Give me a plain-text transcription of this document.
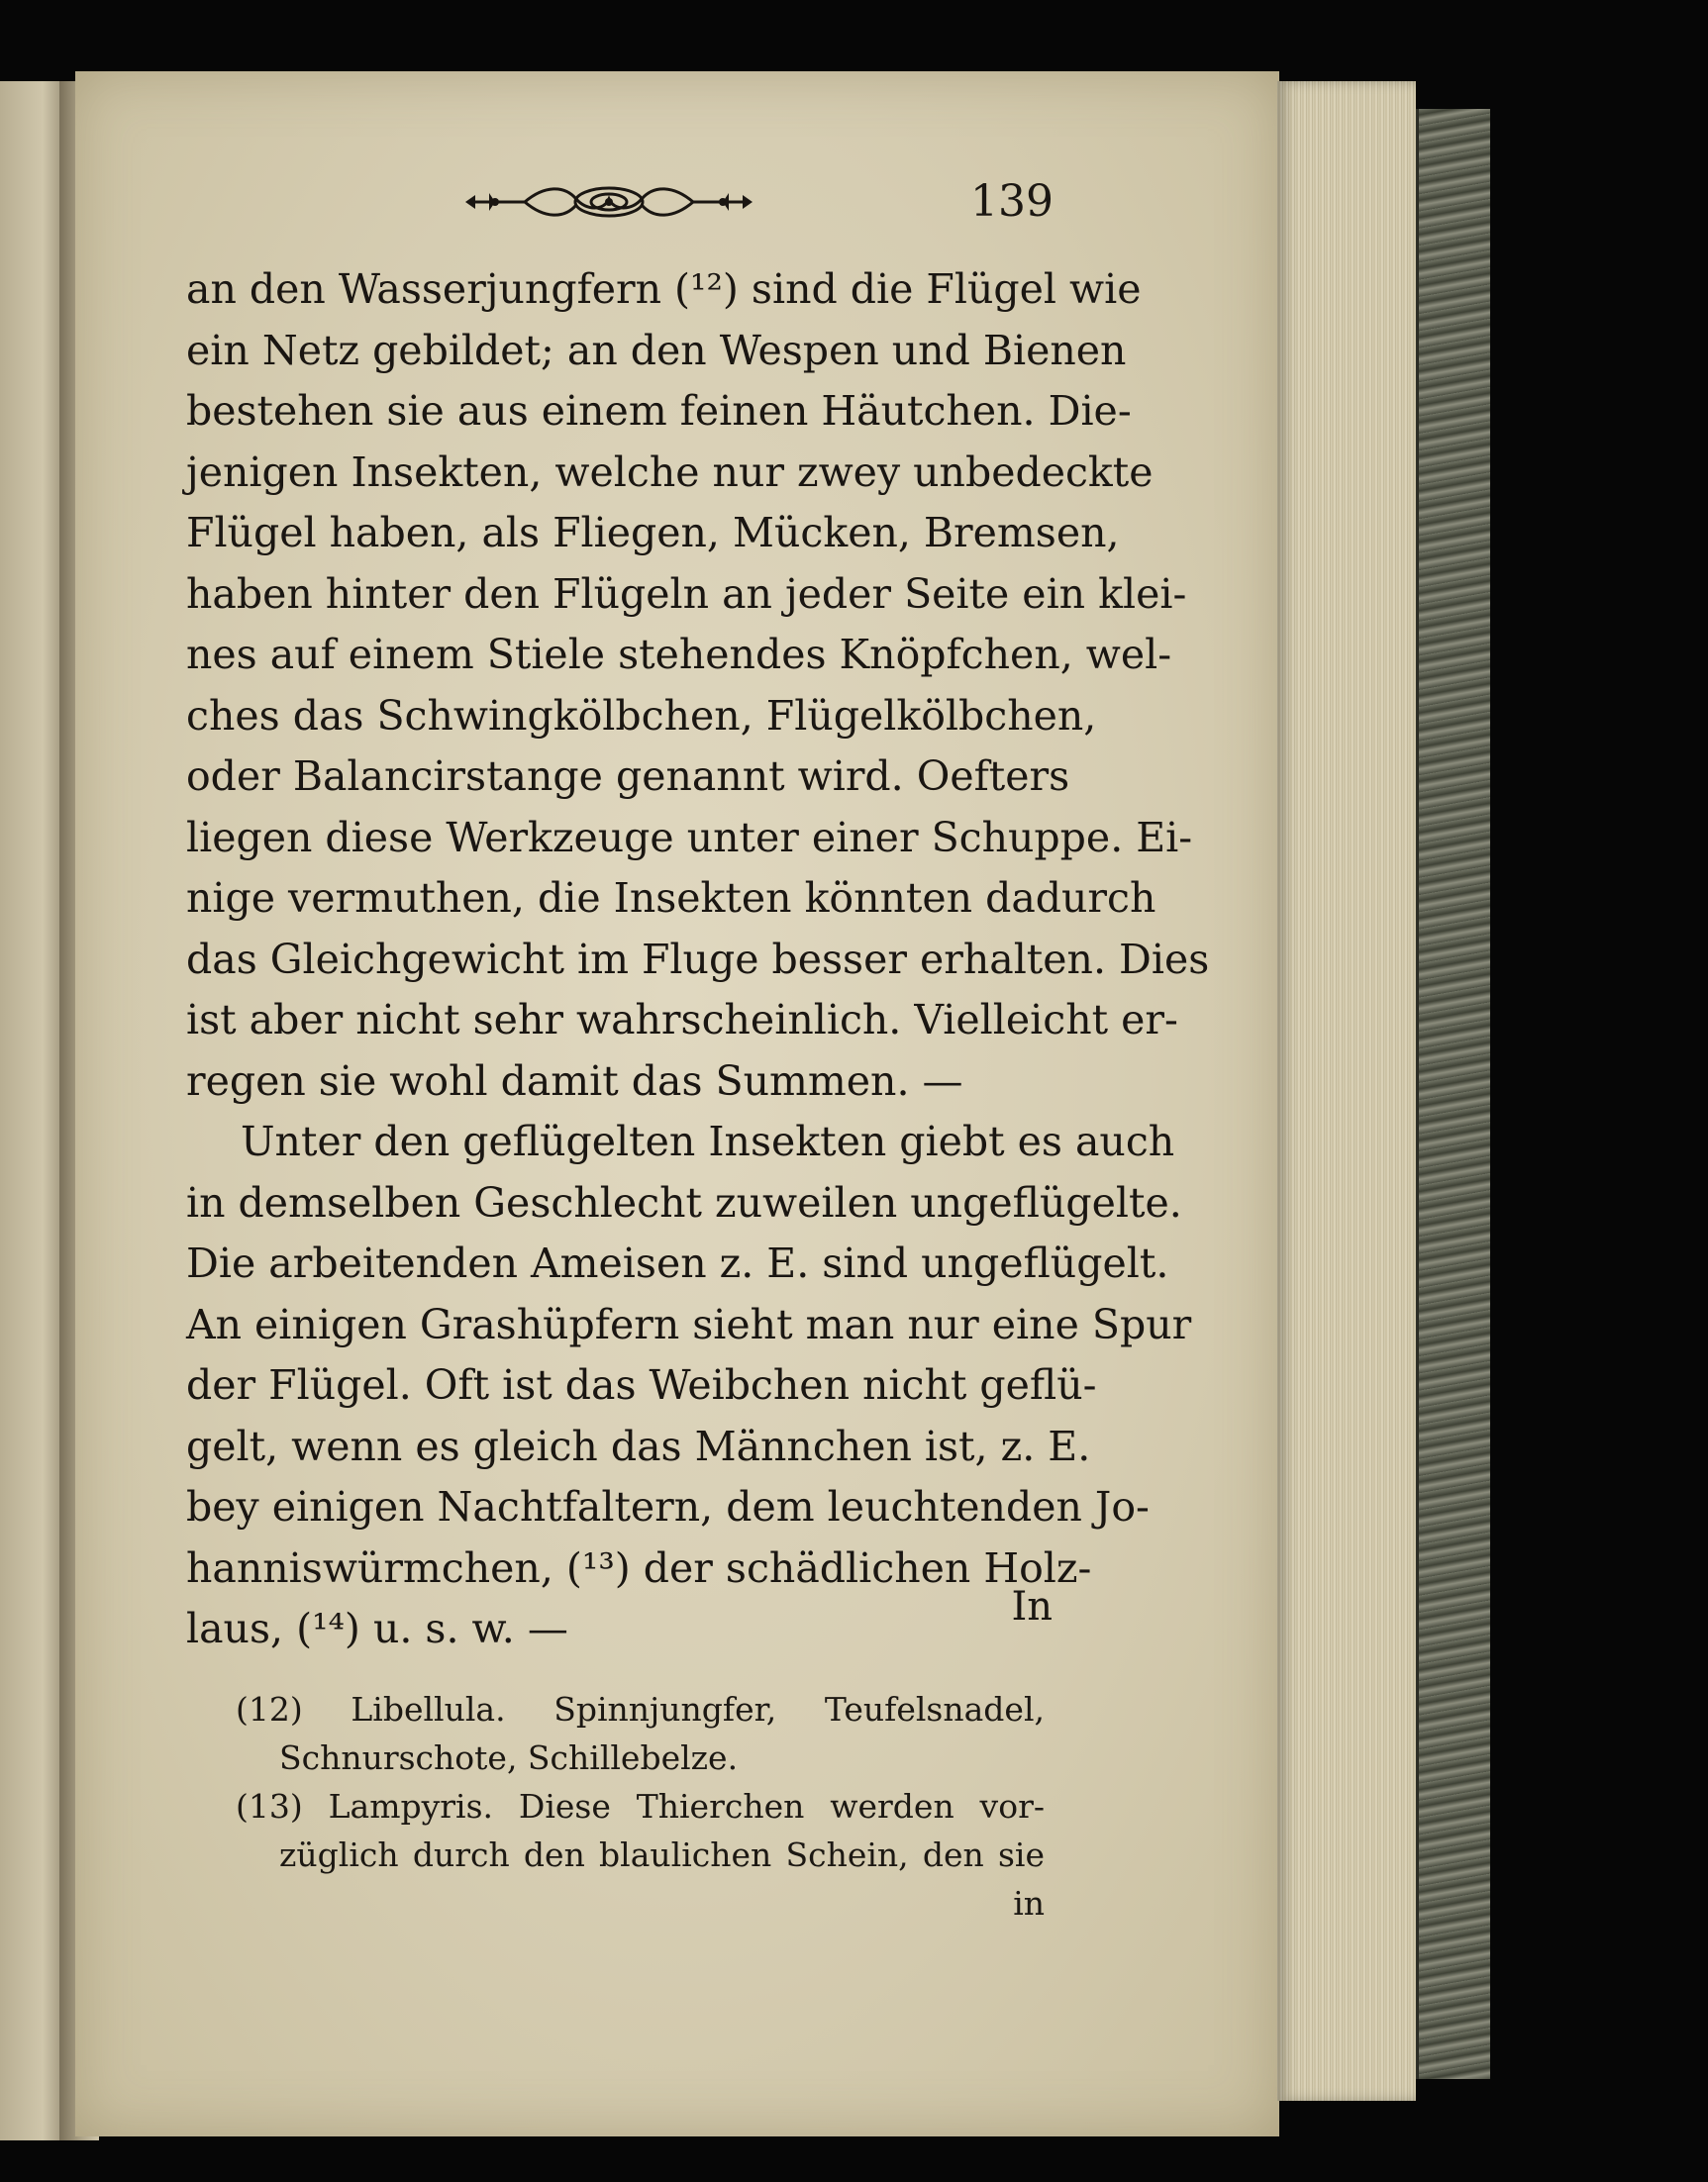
139
an den Wasserjungfern (¹²) sind die Flügel wie
ein Netz gebildet; an den Wespen und Bienen
bestehen sie aus einem feinen Häutchen. Die-
jenigen Insekten, welche nur zwey unbedeckte
Flügel haben, als Fliegen, Mücken, Bremsen,
haben hinter den Flügeln an jeder Seite ein klei-
nes auf einem Stiele stehendes Knöpfchen, wel-
ches das Schwingkölbchen, Flügelkölbchen,
oder Balancirstange genannt wird. Oefters
liegen diese Werkzeuge unter einer Schuppe. Ei-
nige vermuthen, die Insekten könnten dadurch
das Gleichgewicht im Fluge besser erhalten. Dies
ist aber nicht sehr wahrscheinlich. Vielleicht er-
regen sie wohl damit das Summen. —
Unter den geflügelten Insekten giebt es auch
in demselben Geschlecht zuweilen ungeflügelte.
Die arbeitenden Ameisen z. E. sind ungeflügelt.
An einigen Grashüpfern sieht man nur eine Spur
der Flügel. Oft ist das Weibchen nicht geflü-
gelt, wenn es gleich das Männchen ist, z. E.
bey einigen Nachtfaltern, dem leuchtenden Jo-
hanniswürmchen, (¹³) der schädlichen Holz-
laus, (¹⁴) u. s. w. —	In
(12) Libellula. Spinnjungfer, Teufelsnadel,
Schnurschote, Schillebelze.
(13) Lampyris. Diese Thierchen werden vor-
züglich durch den blaulichen Schein, den sie
in
